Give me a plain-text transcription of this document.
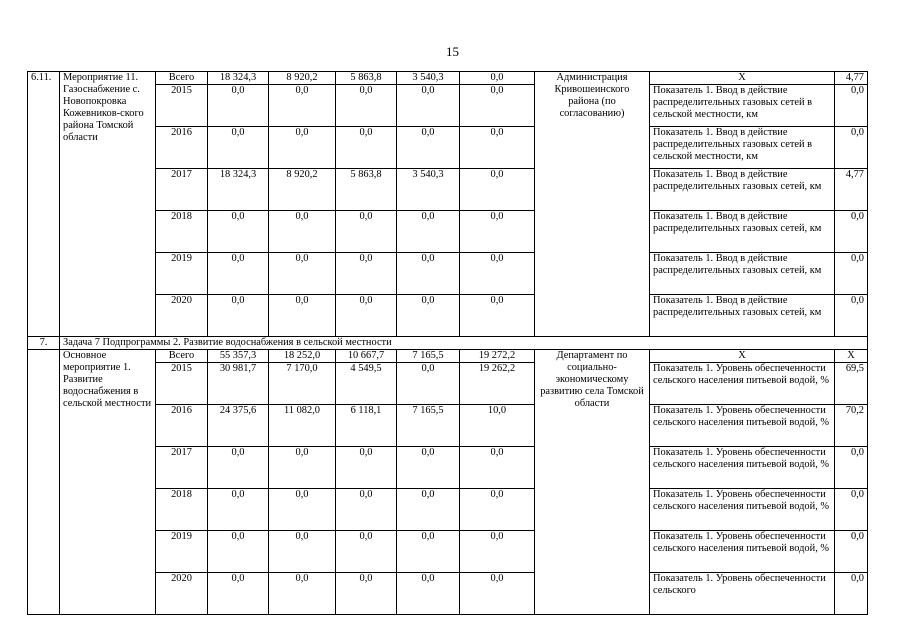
15
6.11.	Мероприятие 11. Газоснабжение с. Новопокровка Кожевников-ского района Томской области	Всего	18 324,3	8 920,2	5 863,8	3 540,3	0,0	Администрация Кривошеинского района (по согласованию)	X	4,77
		2015	0,0	0,0	0,0	0,0	0,0		Показатель 1. Ввод в действие распределительных газовых сетей в сельской местности, км	0,0
		2016	0,0	0,0	0,0	0,0	0,0		Показатель 1. Ввод в действие распределительных газовых сетей в сельской местности, км	0,0
		2017	18 324,3	8 920,2	5 863,8	3 540,3	0,0		Показатель 1. Ввод в действие распределительных газовых сетей, км	4,77
		2018	0,0	0,0	0,0	0,0	0,0		Показатель 1. Ввод в действие распределительных газовых сетей, км	0,0
		2019	0,0	0,0	0,0	0,0	0,0		Показатель 1. Ввод в действие распределительных газовых сетей, км	0,0
		2020	0,0	0,0	0,0	0,0	0,0		Показатель 1. Ввод в действие распределительных газовых сетей, км	0,0
7.	Задача 7 Подпрограммы 2. Развитие водоснабжения в сельской местности									
	Основное мероприятие 1. Развитие водоснабжения в сельской местности	Всего	55 357,3	18 252,0	10 667,7	7 165,5	19 272,2	Департамент по социально-экономическому развитию села Томской области	X	X
		2015	30 981,7	7 170,0	4 549,5	0,0	19 262,2		Показатель 1. Уровень обеспеченности сельского населения питьевой водой, %	69,5
		2016	24 375,6	11 082,0	6 118,1	7 165,5	10,0		Показатель 1. Уровень обеспеченности сельского населения питьевой водой, %	70,2
		2017	0,0	0,0	0,0	0,0	0,0		Показатель 1. Уровень обеспеченности сельского населения питьевой водой, %	0,0
		2018	0,0	0,0	0,0	0,0	0,0		Показатель 1. Уровень обеспеченности сельского населения питьевой водой, %	0,0
		2019	0,0	0,0	0,0	0,0	0,0		Показатель 1. Уровень обеспеченности сельского населения питьевой водой, %	0,0
		2020	0,0	0,0	0,0	0,0	0,0		Показатель 1. Уровень обеспеченности сельского	0,0
